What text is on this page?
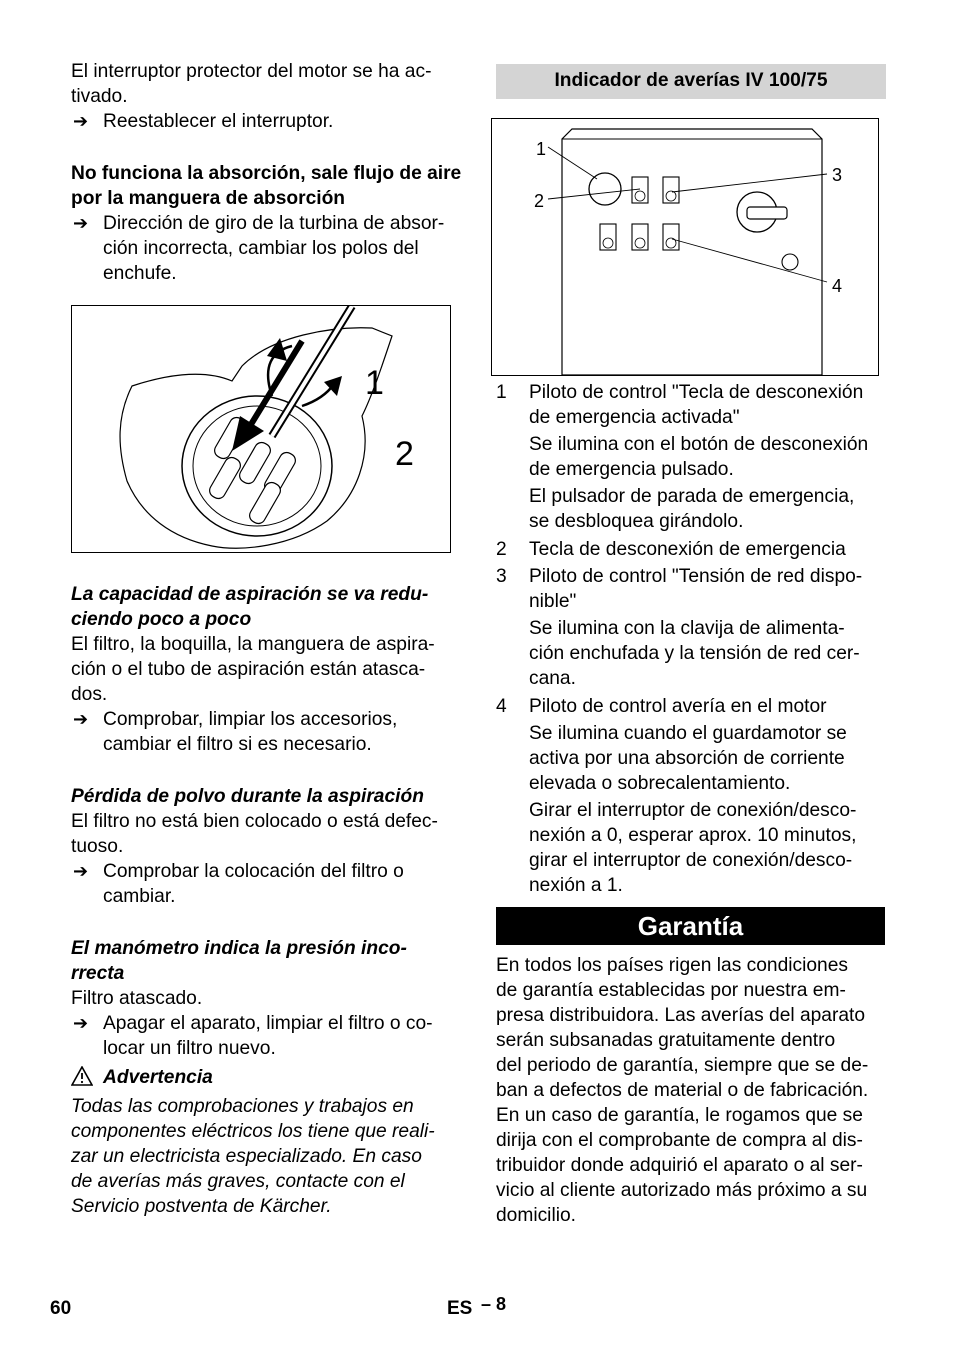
El interruptor protector del motor se ha ac-
tivado.

➔ Reestablecer el interruptor.

No funciona la absorción, sale flujo de aire por la manguera de absorción

➔ Dirección de giro de la turbina de absor-
ción incorrecta, cambiar los polos del
enchufe.
1
2

La capacidad de aspiración se va redu-
ciendo poco a poco

El filtro, la boquilla, la manguera de aspira-
ción o el tubo de aspiración están atasca-
dos.

➔ Comprobar, limpiar los accesorios,
cambiar el filtro si es necesario.

Pérdida de polvo durante la aspiración

El filtro no está bien colocado o está defec-
tuoso.

➔ Comprobar la colocación del filtro o
cambiar.

El manómetro indica la presión inco-
rrecta

Filtro atascado.

➔ Apagar el aparato, limpiar el filtro o co-
locar un filtro nuevo.
Advertencia

Todas las comprobaciones y trabajos en
componentes eléctricos los tiene que reali-
zar un electricista especializado. En caso
de averías más graves, contacte con el
Servicio postventa de Kärcher.

Indicador de averías IV 100/75
1
2
3
4
1 Piloto de control "Tecla de desconexión
de emergencia activada"

Se ilumina con el botón de desconexión
de emergencia pulsado.

El pulsador de parada de emergencia,
se desbloquea girándolo.

2 Tecla de desconexión de emergencia
3 Piloto de control "Tensión de red dispo-
nible"

Se ilumina con la clavija de alimenta-
ción enchufada y la tensión de red cer-
cana.

4 Piloto de control avería en el motor

Se ilumina cuando el guardamotor se
activa por una absorción de corriente
elevada o sobrecalentamiento.

Girar el interruptor de conexión/desco-
nexión a 0, esperar aprox. 10 minutos,
girar el interruptor de conexión/desco-
nexión a 1.

Garantía

En todos los países rigen las condiciones
de garantía establecidas por nuestra em-
presa distribuidora. Las averías del aparato
serán subsanadas gratuitamente dentro
del periodo de garantía, siempre que se de-
ban a defectos de material o de fabricación.
En un caso de garantía, le rogamos que se
dirija con el comprobante de compra al dis-
tribuidor donde adquirió el aparato o al ser-
vicio al cliente autorizado más próximo a su
domicilio.

60	ES – 8
